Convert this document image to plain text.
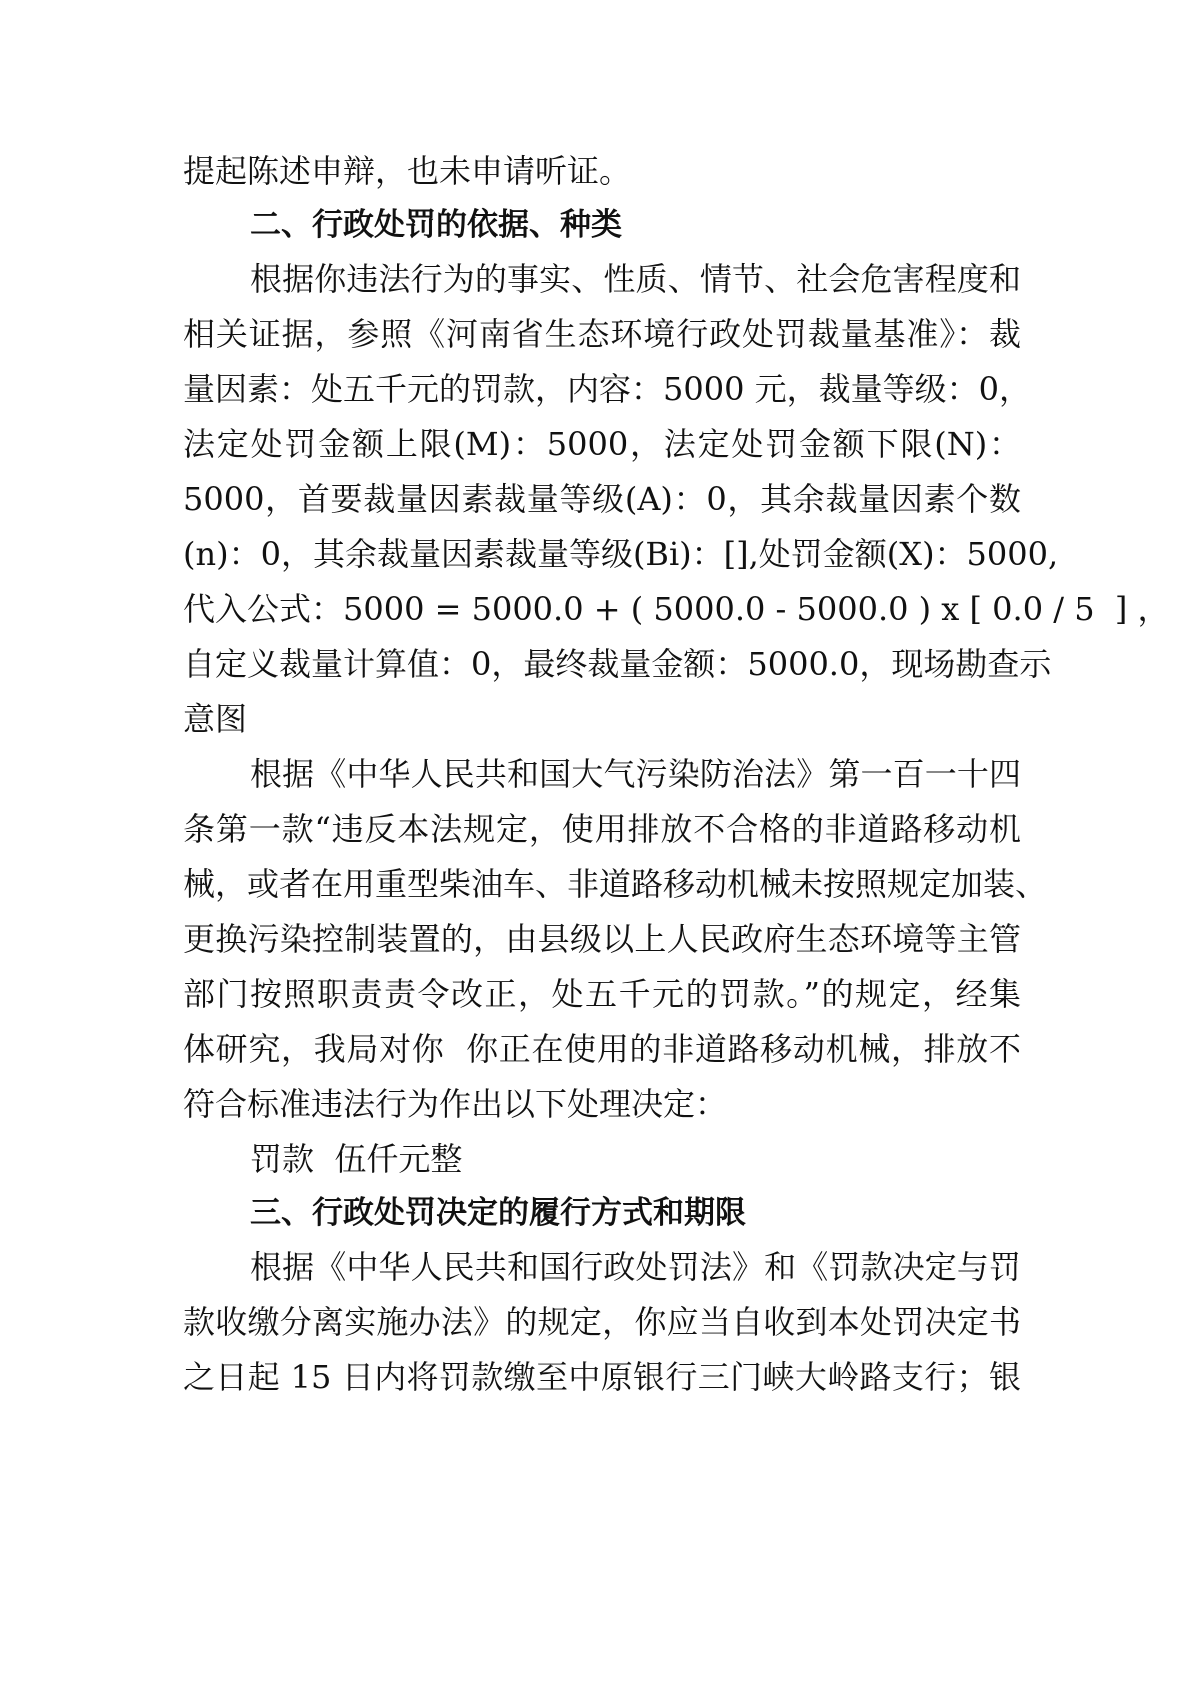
提起陈述申辩，也未申请听证。
二、行政处罚的依据、种类
根据你违法行为的事实、性质、情节、社会危害程度和
相关证据，参照《河南省生态环境行政处罚裁量基准》：裁
量因素：处五千元的罚款，内容：5000 元，裁量等级：0，
法定处罚金额上限(M)：5000，法定处罚金额下限(N)：
5000，首要裁量因素裁量等级(A)：0，其余裁量因素个数
(n)：0，其余裁量因素裁量等级(Bi)：[],处罚金额(X)：5000,
代入公式：5000 = 5000.0 + ( 5000.0 - 5000.0 ) x [ 0.0 / 5  ] ，
自定义裁量计算值：0，最终裁量金额：5000.0，现场勘查示
意图
根据《中华人民共和国大气污染防治法》第一百一十四
条第一款“违反本法规定，使用排放不合格的非道路移动机
械，或者在用重型柴油车、非道路移动机械未按照规定加装、
更换污染控制装置的，由县级以上人民政府生态环境等主管
部门按照职责责令改正，处五千元的罚款。”的规定，经集
体研究，我局对你  你正在使用的非道路移动机械，排放不
符合标准违法行为作出以下处理决定：
罚款  伍仟元整
三、行政处罚决定的履行方式和期限
根据《中华人民共和国行政处罚法》和《罚款决定与罚
款收缴分离实施办法》的规定，你应当自收到本处罚决定书
之日起 15 日内将罚款缴至中原银行三门峡大岭路支行；银
